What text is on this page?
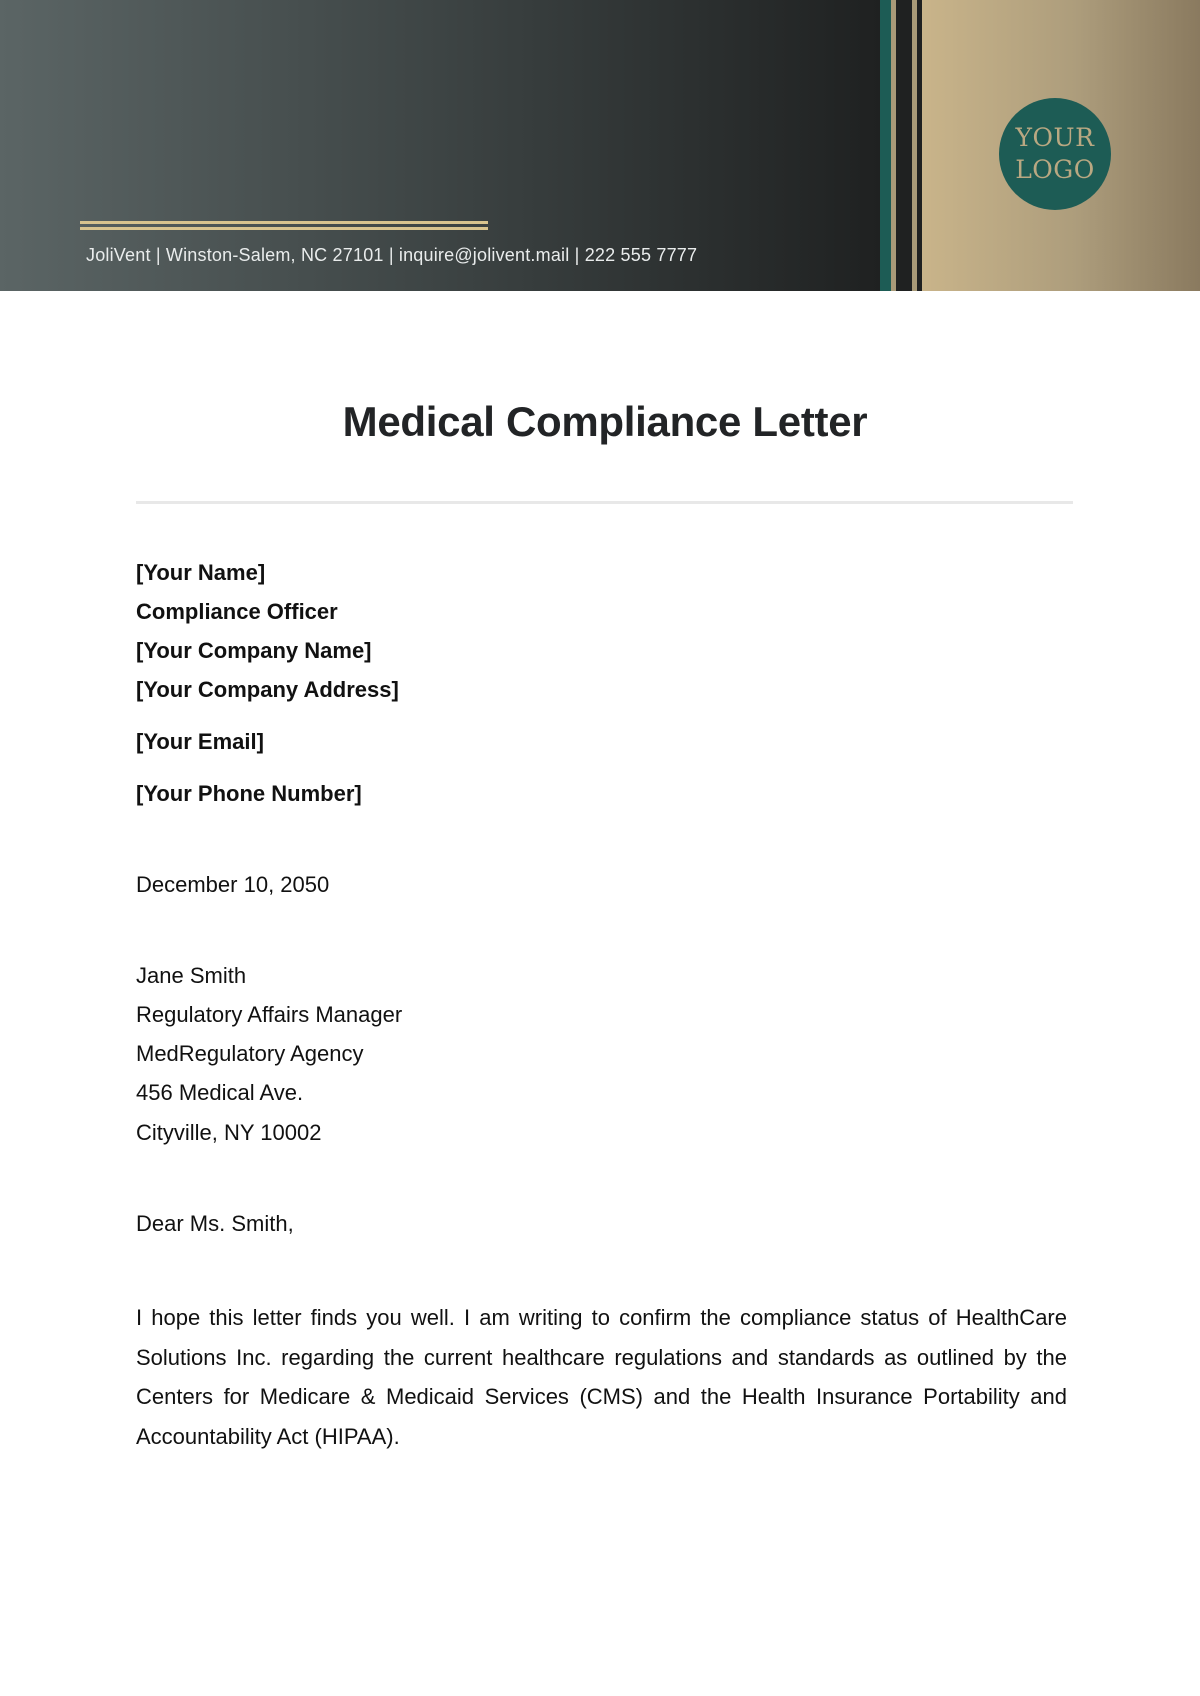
YOUR
LOGO
JoliVent | Winston-Salem, NC 27101 | inquire@jolivent.mail | 222 555 7777
Medical Compliance Letter
[Your Name]
Compliance Officer
[Your Company Name]
[Your Company Address]
[Your Email]
[Your Phone Number]
December 10, 2050
Jane Smith
Regulatory Affairs Manager
MedRegulatory Agency
456 Medical Ave.
Cityville, NY 10002
Dear Ms. Smith,
I hope this letter finds you well. I am writing to confirm the compliance status of HealthCare Solutions Inc. regarding the current healthcare regulations and standards as outlined by the Centers for Medicare & Medicaid Services (CMS) and the Health Insurance Portability and Accountability Act (HIPAA).
